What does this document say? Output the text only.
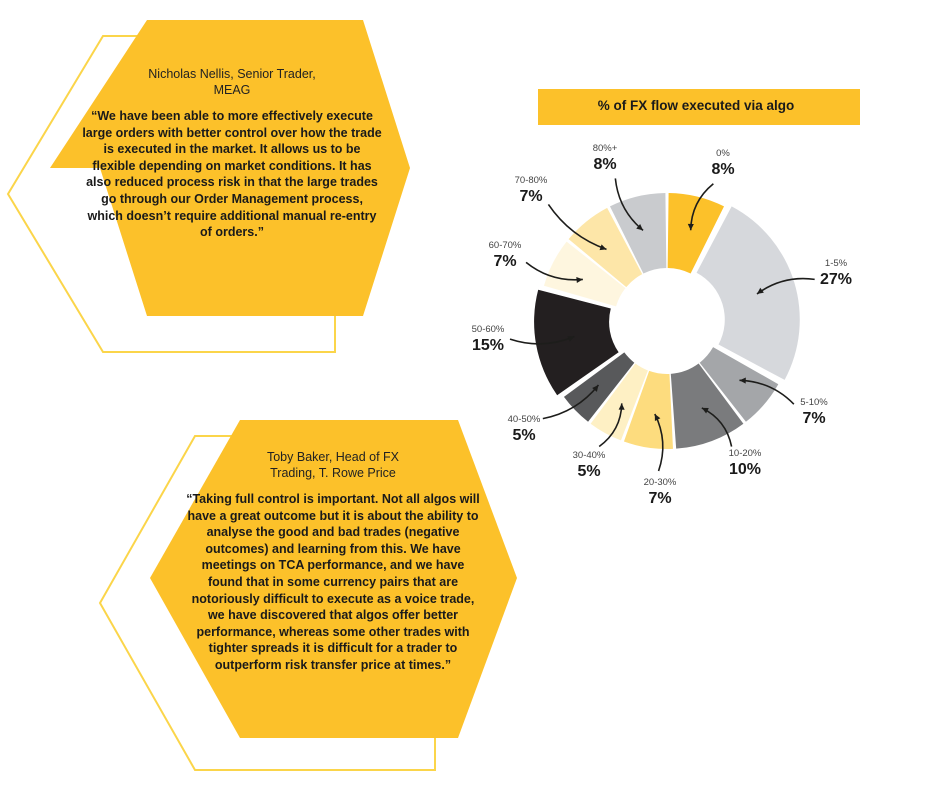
Nicholas Nellis, Senior Trader, MEAG
“We have been able to more effectively execute large orders with better control over how the trade is executed in the market. It allows us to be flexible depending on market conditions. It has also reduced process risk in that the large trades go through our Order Management process, which doesn’t require additional manual re-entry of orders.”
Toby Baker, Head of FX Trading, T. Rowe Price
“Taking full control is important. Not all algos will have a great outcome but it is about the ability to analyse the good and bad trades (negative outcomes) and learning from this. We have meetings on TCA performance, and we have found that in some currency pairs that are notoriously difficult to execute as a voice trade, we have discovered that algos offer better performance, whereas some other trades with tighter spreads it is difficult for a trader to outperform risk transfer price at times.”
% of FX flow executed via algo
0%
8%
1-5%
27%
5-10%
7%
10-20%
10%
20-30%
7%
30-40%
5%
40-50%
5%
50-60%
15%
60-70%
7%
70-80%
7%
80%+
8%
